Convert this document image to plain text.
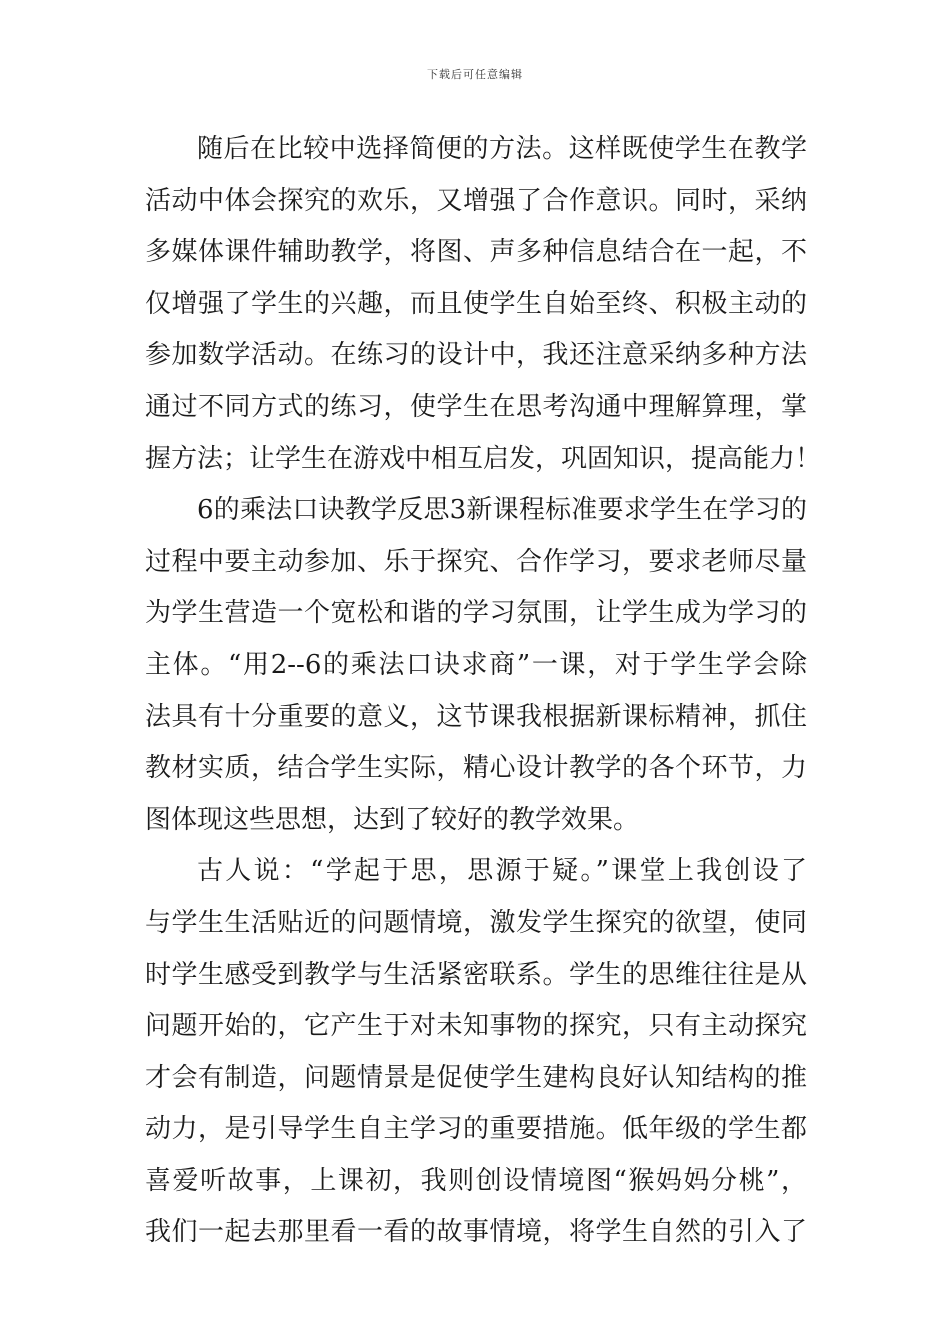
下载后可任意编辑
随后在比较中选择简便的方法。这样既使学生在教学
活动中体会探究的欢乐，又增强了合作意识。同时，采纳
多媒体课件辅助教学，将图、声多种信息结合在一起，不
仅增强了学生的兴趣，而且使学生自始至终、积极主动的
参加数学活动。在练习的设计中，我还注意采纳多种方法
通过不同方式的练习，使学生在思考沟通中理解算理，掌
握方法；让学生在游戏中相互启发，巩固知识，提高能力！
6的乘法口诀教学反思3新课程标准要求学生在学习的
过程中要主动参加、乐于探究、合作学习，要求老师尽量
为学生营造一个宽松和谐的学习氛围，让学生成为学习的
主体。“用2--6的乘法口诀求商”一课，对于学生学会除
法具有十分重要的意义，这节课我根据新课标精神，抓住
教材实质，结合学生实际，精心设计教学的各个环节，力
图体现这些思想，达到了较好的教学效果。
古人说：“学起于思，思源于疑。”课堂上我创设了
与学生生活贴近的问题情境，激发学生探究的欲望，使同
时学生感受到教学与生活紧密联系。学生的思维往往是从
问题开始的，它产生于对未知事物的探究，只有主动探究
才会有制造，问题情景是促使学生建构良好认知结构的推
动力，是引导学生自主学习的重要措施。低年级的学生都
喜爱听故事，上课初，我则创设情境图“猴妈妈分桃”，
我们一起去那里看一看的故事情境，将学生自然的引入了
